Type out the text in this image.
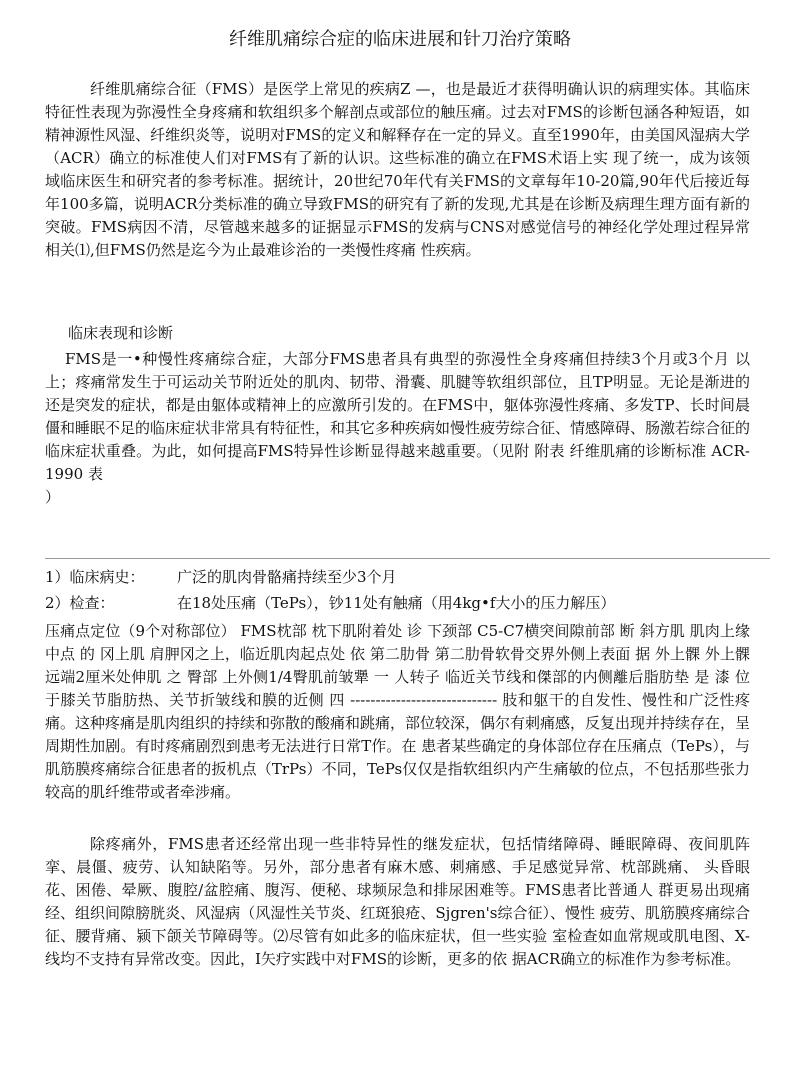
纤维肌痛综合症的临床进展和针刀治疗策略

纤维肌痛综合征（FMS）是医学上常见的疾病Z —，也是最近才获得明确认识的病理实体。其临床特征性表现为弥漫性全身疼痛和软组织多个解剖点或部位的触压痛。过去对FMS的诊断包涵各种短语，如精神源性风湿、纤维织炎等，说明对FMS的定义和解释存在一定的异义。直至1990年，由美国风湿病大学（ACR）确立的标准使人们对FMS有了新的认识。这些标准的确立在FMS术语上实 现了统一，成为该领域临床医生和研究者的参考标准。据统计，20世纪70年代有关FMS的文章每年10-20篇,90年代后接近每年100多篇，说明ACR分类标准的确立导致FMS的研究有了新的发现,尤其是在诊断及病理生理方面有新的突破。FMS病因不清，尽管越来越多的证据显示FMS的发病与CNS对感觉信号的神经化学处理过程异常相关⑴,但FMS仍然是迄今为止最难诊治的一类慢性疼痛 性疾病。

临床表现和诊断

FMS是一•种慢性疼痛综合症，大部分FMS患者具有典型的弥漫性全身疼痛但持续3个月或3个月 以上；疼痛常发生于可运动关节附近处的肌肉、韧带、滑囊、肌腱等软组织部位，且TP明显。无论是渐进的还是突发的症状，都是由躯体或精神上的应激所引发的。在FMS中，躯体弥漫性疼痛、多发TP、长时间晨僵和睡眠不足的临床症状非常具有特征性，和其它多种疾病如慢性疲劳综合征、情感障碍、肠激若综合征的临床症状重叠。为此，如何提高FMS特异性诊断显得越来越重要。（见附 附表 纤维肌痛的诊断标准 ACR-1990 表

）

1）临床病史： 广泛的肌肉骨骼痛持续至少3个月
2）检查：	在18处压痛（TePs），钞11处有触痛（用4kg•f大小的压力解压）

压痛点定位（9个对称部位） FMS枕部 枕下肌附着处 诊 下颈部 C5-C7横突间隙前部 断 斜方肌 肌肉上缘中点 的 冈上肌 肩胛冈之上，临近肌肉起点处 依 第二肋骨 第二肋骨软骨交界外侧上表面 据 外上髁 外上髁远端2厘米处伸肌 之 臀部 上外侧1/4臀肌前皱犟 一 人转子 临近关节线和傑部的内侧離后脂肪垫 是 漆 位于膝关节脂肪热、关节折皱线和膜的近侧 四 ----------------------------- 肢和躯干的自发性、慢性和广泛性疼痛。这种疼痛是肌肉组织的持续和弥散的酸痛和跳痛，部位较深，偶尔有刺痛感，反复出现并持续存在，呈周期性加剧。有时疼痛剧烈到患考无法进行日常T作。在 患者某些确定的身体部位存在压痛点（TePs），与肌筋膜疼痛综合征患者的扳机点（TrPs）不同，TePs仅仅是指软组织内产生痛敏的位点，不包括那些张力较高的肌纤维带或者牵涉痛。

除疼痛外，FMS患者还经常出现一些非特异性的继发症状，包括情绪障碍、睡眠障碍、夜间肌阵挛、晨僵、疲劳、认知缺陷等。另外，部分患者有麻木感、刺痛感、手足感觉异常、枕部跳痛、 头昏眼花、困倦、晕厥、腹腔/盆腔痛、腹泻、便秘、球频尿急和排尿困难等。FMS患者比普通人 群更易出现痛经、组织间隙膀胱炎、风湿病（风湿性关节炎、红斑狼疮、Sjgren's综合征）、慢性 疲劳、肌筋膜疼痛综合征、腰背痛、颍下颌关节障碍等。⑵尽管有如此多的临床症状，但一些实验 室检查如血常规或肌电图、X-线均不支持有异常改变。因此，I矢疗实践中对FMS的诊断，更多的依 据ACR确立的标准作为参考标准。
